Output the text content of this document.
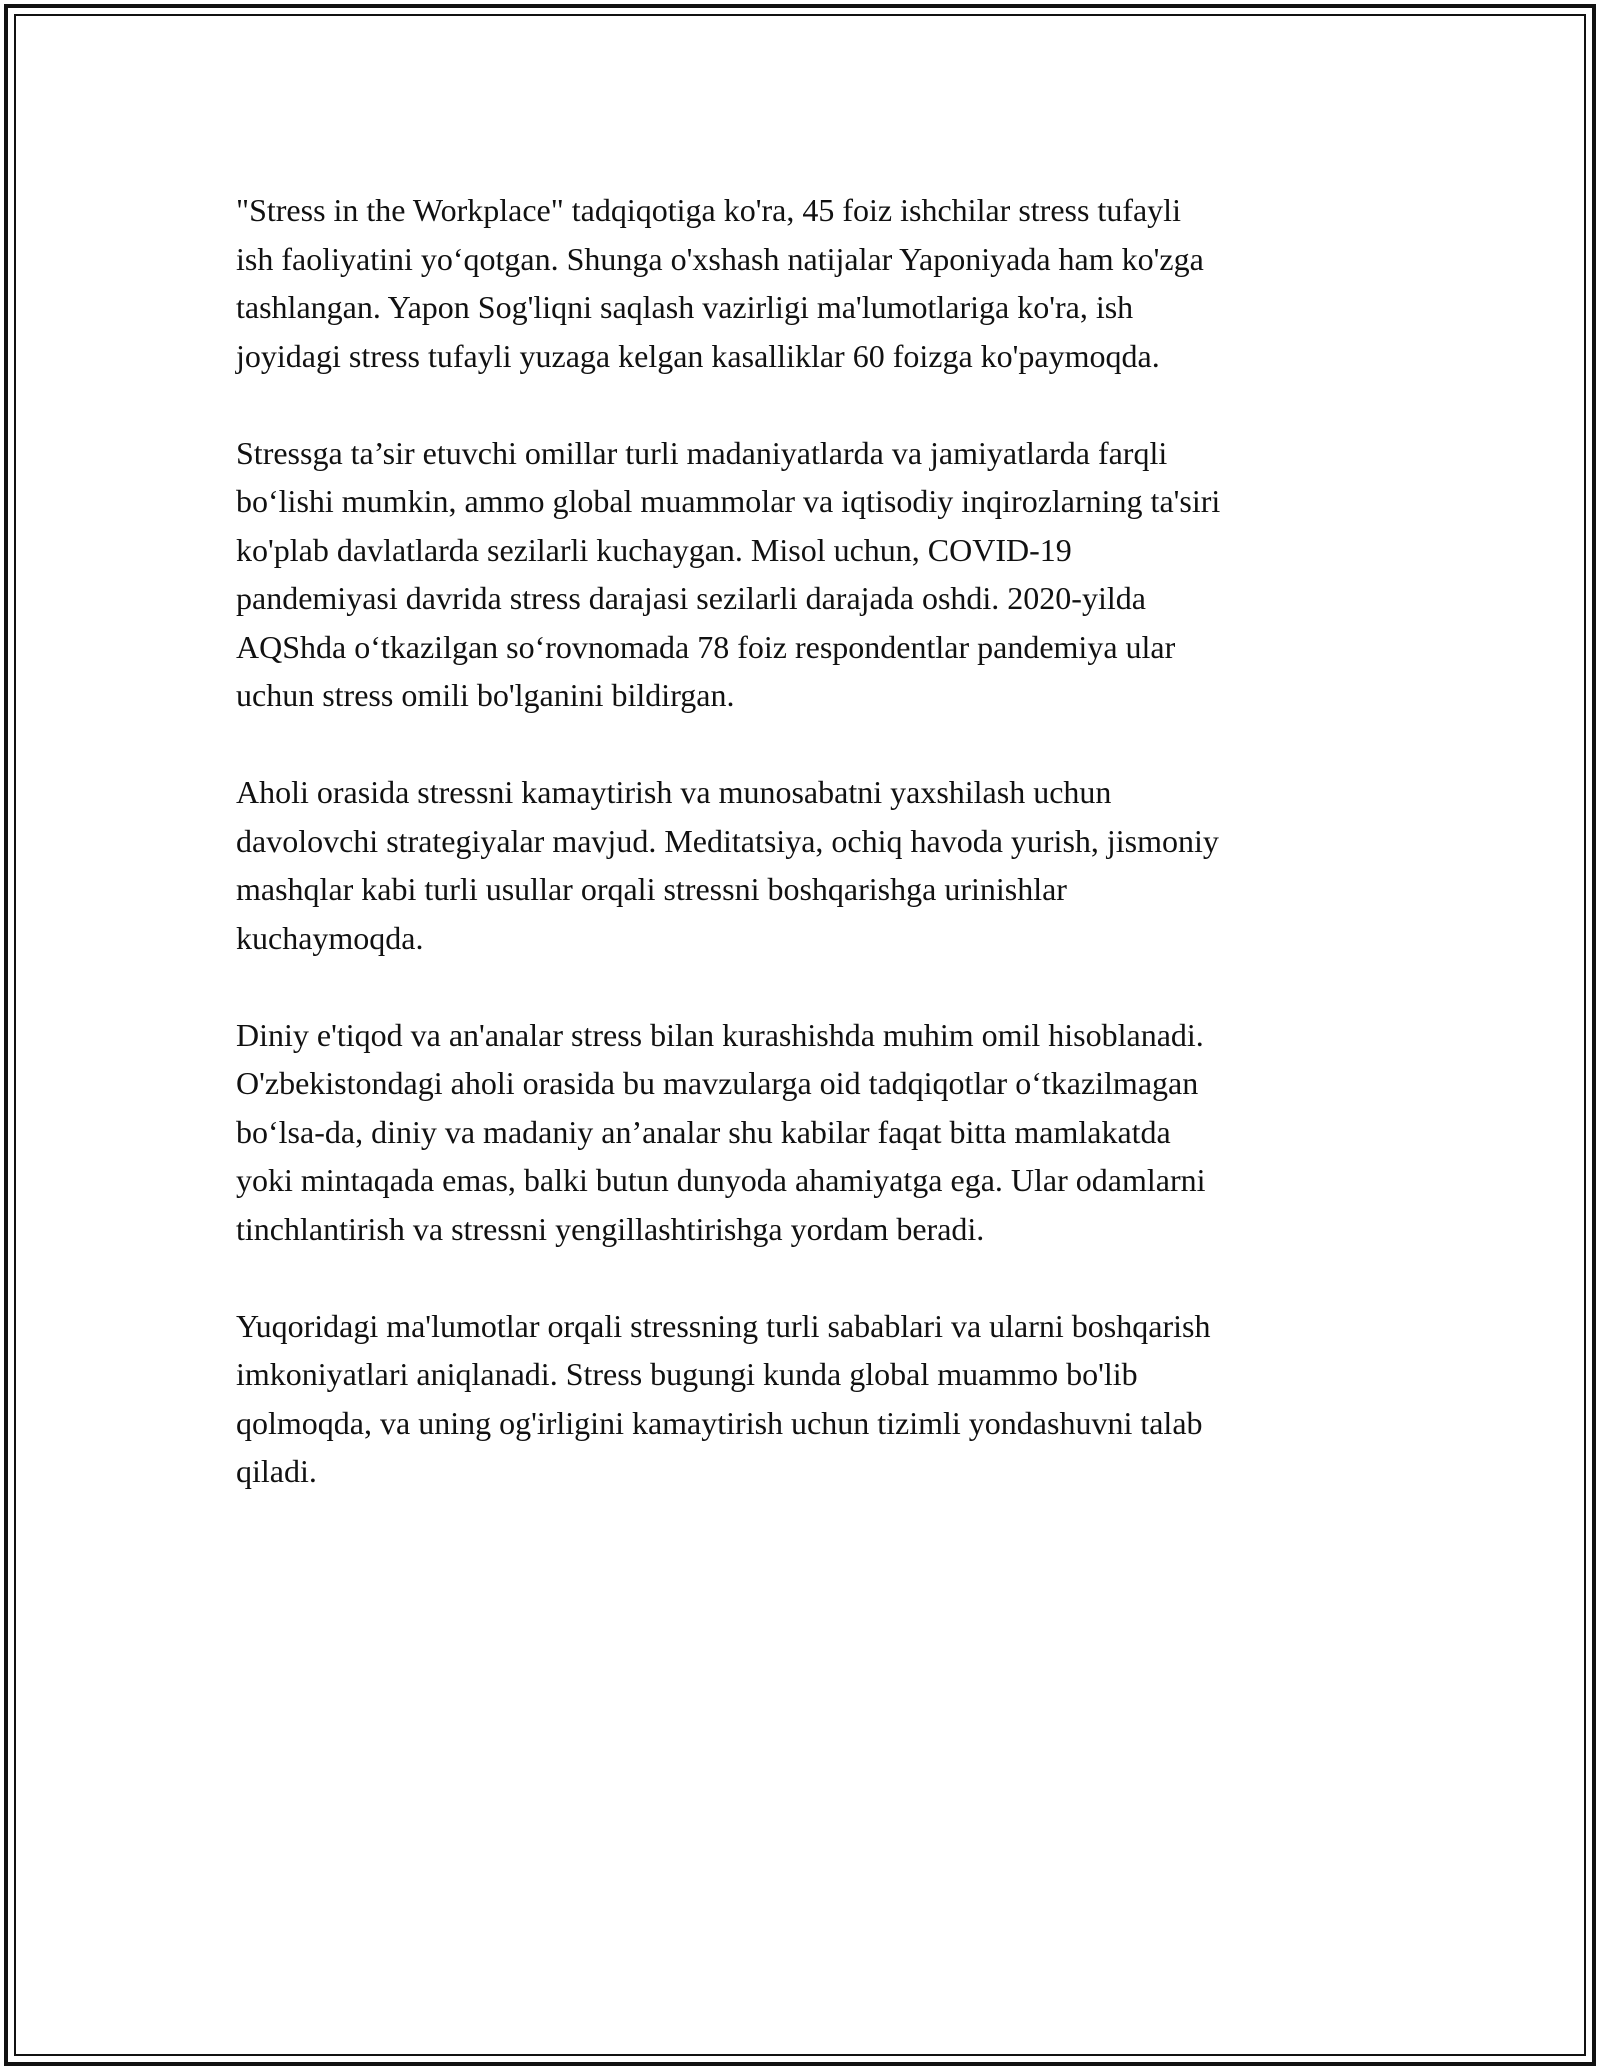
"Stress in the Workplace" tadqiqotiga ko'ra, 45 foiz ishchilar stress tufayli
ish faoliyatini yo‘qotgan. Shunga o'xshash natijalar Yaponiyada ham ko'zga
tashlangan. Yapon Sog'liqni saqlash vazirligi ma'lumotlariga ko'ra, ish
joyidagi stress tufayli yuzaga kelgan kasalliklar 60 foizga ko'paymoqda.

Stressga ta’sir etuvchi omillar turli madaniyatlarda va jamiyatlarda farqli
bo‘lishi mumkin, ammo global muammolar va iqtisodiy inqirozlarning ta'siri
ko'plab davlatlarda sezilarli kuchaygan. Misol uchun, COVID-19
pandemiyasi davrida stress darajasi sezilarli darajada oshdi. 2020-yilda
AQShda o‘tkazilgan so‘rovnomada 78 foiz respondentlar pandemiya ular
uchun stress omili bo'lganini bildirgan.

Aholi orasida stressni kamaytirish va munosabatni yaxshilash uchun
davolovchi strategiyalar mavjud. Meditatsiya, ochiq havoda yurish, jismoniy
mashqlar kabi turli usullar orqali stressni boshqarishga urinishlar
kuchaymoqda.

Diniy e'tiqod va an'analar stress bilan kurashishda muhim omil hisoblanadi.
O'zbekistondagi aholi orasida bu mavzularga oid tadqiqotlar o‘tkazilmagan
bo‘lsa-da, diniy va madaniy an’analar shu kabilar faqat bitta mamlakatda
yoki mintaqada emas, balki butun dunyoda ahamiyatga ega. Ular odamlarni
tinchlantirish va stressni yengillashtirishga yordam beradi.

Yuqoridagi ma'lumotlar orqali stressning turli sabablari va ularni boshqarish
imkoniyatlari aniqlanadi. Stress bugungi kunda global muammo bo'lib
qolmoqda, va uning og'irligini kamaytirish uchun tizimli yondashuvni talab
qiladi.
